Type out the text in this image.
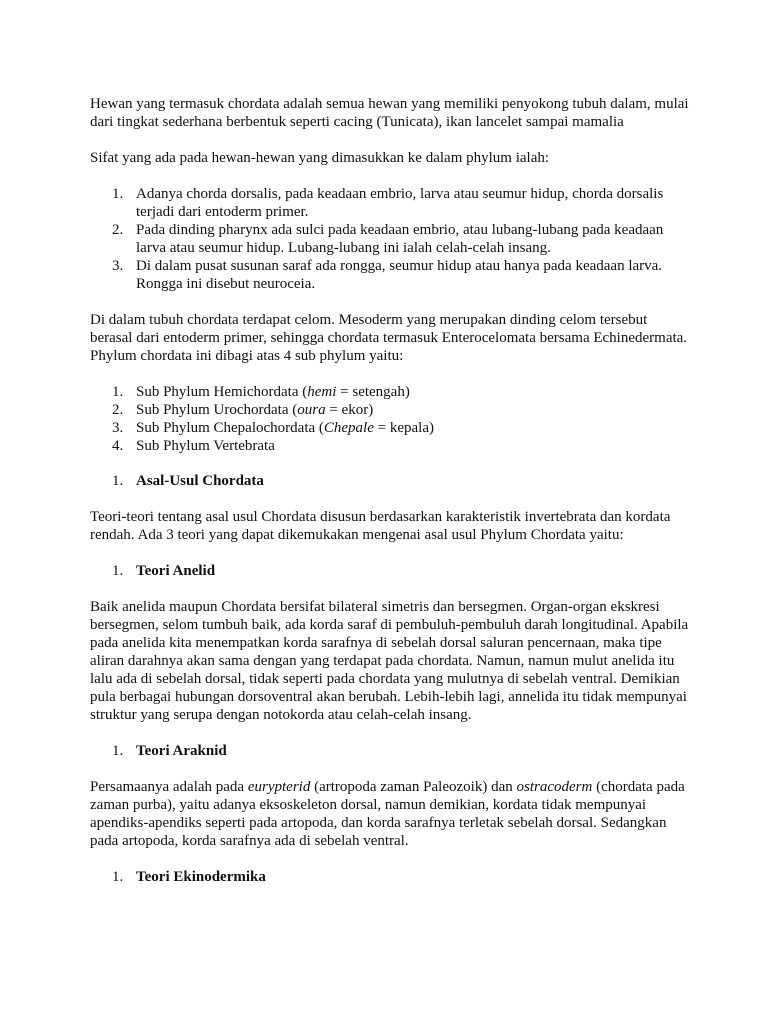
Hewan yang termasuk chordata adalah semua hewan yang memiliki penyokong tubuh dalam, mulai dari tingkat sederhana berbentuk seperti cacing (Tunicata), ikan lancelet sampai mamalia

Sifat yang ada pada hewan-hewan yang dimasukkan ke dalam phylum ialah:

1. Adanya chorda dorsalis, pada keadaan embrio, larva atau seumur hidup, chorda dorsalis terjadi dari entoderm primer.
2. Pada dinding pharynx ada sulci pada keadaan embrio, atau lubang-lubang pada keadaan larva atau seumur hidup. Lubang-lubang ini ialah celah-celah insang.
3. Di dalam pusat susunan saraf ada rongga, seumur hidup atau hanya pada keadaan larva. Rongga ini disebut neuroceia.

Di dalam tubuh chordata terdapat celom. Mesoderm yang merupakan dinding celom tersebut berasal dari entoderm primer, sehingga chordata termasuk Enterocelomata bersama Echinedermata. Phylum chordata ini dibagi atas 4 sub phylum yaitu:

1. Sub Phylum Hemichordata (hemi = setengah)
2. Sub Phylum Urochordata (oura = ekor)
3. Sub Phylum Chepalochordata (Chepale = kepala)
4. Sub Phylum Vertebrata
1. Asal-Usul Chordata

Teori-teori tentang asal usul Chordata disusun berdasarkan karakteristik invertebrata dan kordata rendah. Ada 3 teori yang dapat dikemukakan mengenai asal usul Phylum Chordata yaitu:

1. Teori Anelid

Baik anelida maupun Chordata bersifat bilateral simetris dan bersegmen. Organ-organ ekskresi bersegmen, selom tumbuh baik, ada korda saraf di pembuluh-pembuluh darah longitudinal. Apabila pada anelida kita menempatkan korda sarafnya di sebelah dorsal saluran pencernaan, maka tipe aliran darahnya akan sama dengan yang terdapat pada chordata. Namun, namun mulut anelida itu lalu ada di sebelah dorsal, tidak seperti pada chordata yang mulutnya di sebelah ventral. Demikian pula berbagai hubungan dorsoventral akan berubah. Lebih-lebih lagi, annelida itu tidak mempunyai struktur yang serupa dengan notokorda atau celah-celah insang.

1. Teori Araknid

Persamaanya adalah pada eurypterid (artropoda zaman Paleozoik) dan ostracoderm (chordata pada zaman purba), yaitu adanya eksoskeleton dorsal, namun demikian, kordata tidak mempunyai apendiks-apendiks seperti pada artopoda, dan korda sarafnya terletak sebelah dorsal. Sedangkan pada artopoda, korda sarafnya ada di sebelah ventral.

1. Teori Ekinodermika
